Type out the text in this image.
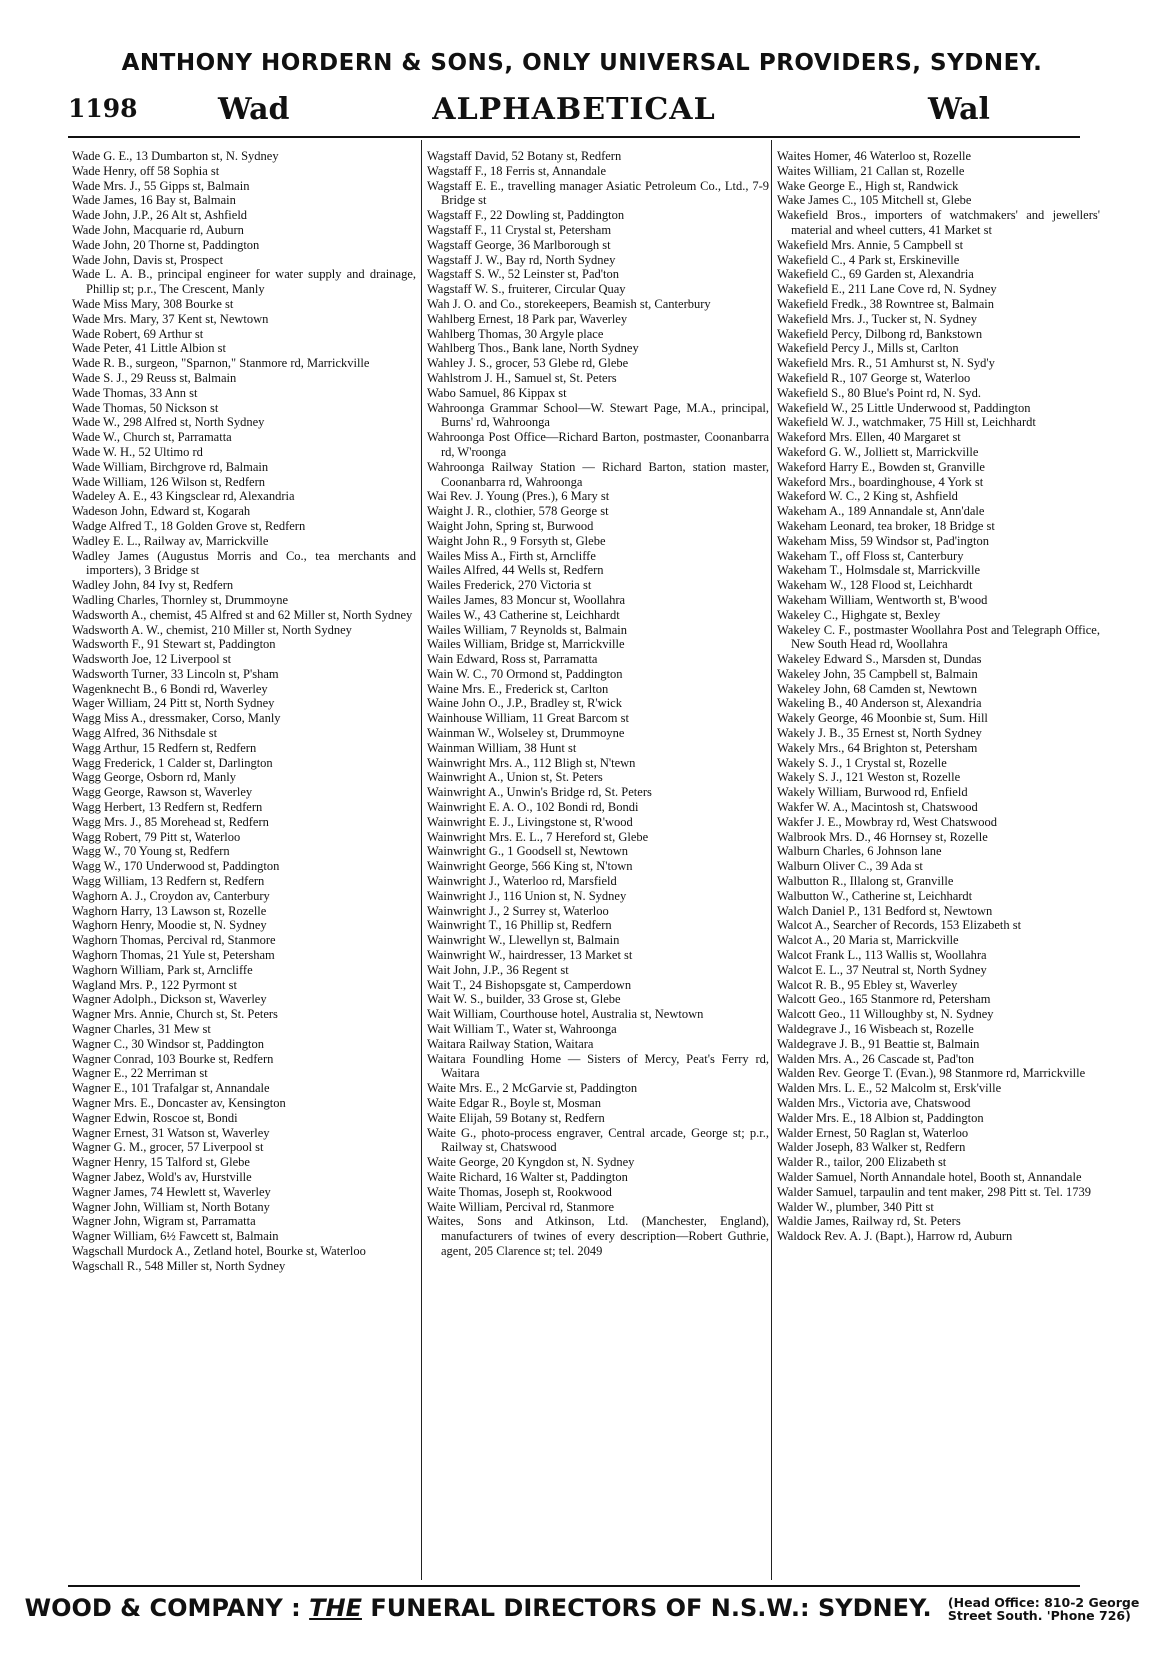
ANTHONY HORDERN & SONS, ONLY UNIVERSAL PROVIDERS, SYDNEY.
1198	Wad	ALPHABETICAL	Wal

Wade G. E., 13 Dumbarton st, N. Sydney

Wade Henry, off 58 Sophia st

Wade Mrs. J., 55 Gipps st, Balmain

Wade James, 16 Bay st, Balmain

Wade John, J.P., 26 Alt st, Ashfield

Wade John, Macquarie rd, Auburn

Wade John, 20 Thorne st, Paddington

Wade John, Davis st, Prospect

Wade L. A. B., principal engineer for water supply and drainage, Phillip st; p.r., The Crescent, Manly

Wade Miss Mary, 308 Bourke st

Wade Mrs. Mary, 37 Kent st, Newtown

Wade Robert, 69 Arthur st

Wade Peter, 41 Little Albion st

Wade R. B., surgeon, "Sparnon," Stanmore rd, Marrickville

Wade S. J., 29 Reuss st, Balmain

Wade Thomas, 33 Ann st

Wade Thomas, 50 Nickson st

Wade W., 298 Alfred st, North Sydney

Wade W., Church st, Parramatta

Wade W. H., 52 Ultimo rd

Wade William, Birchgrove rd, Balmain

Wade William, 126 Wilson st, Redfern

Wadeley A. E., 43 Kingsclear rd, Alexandria

Wadeson John, Edward st, Kogarah

Wadge Alfred T., 18 Golden Grove st, Redfern

Wadley E. L., Railway av, Marrickville

Wadley James (Augustus Morris and Co., tea merchants and importers), 3 Bridge st

Wadley John, 84 Ivy st, Redfern

Wadling Charles, Thornley st, Drummoyne

Wadsworth A., chemist, 45 Alfred st and 62 Miller st, North Sydney

Wadsworth A. W., chemist, 210 Miller st, North Sydney

Wadsworth F., 91 Stewart st, Paddington

Wadsworth Joe, 12 Liverpool st

Wadsworth Turner, 33 Lincoln st, P'sham

Wagenknecht B., 6 Bondi rd, Waverley

Wager William, 24 Pitt st, North Sydney

Wagg Miss A., dressmaker, Corso, Manly

Wagg Alfred, 36 Nithsdale st

Wagg Arthur, 15 Redfern st, Redfern

Wagg Frederick, 1 Calder st, Darlington

Wagg George, Osborn rd, Manly

Wagg George, Rawson st, Waverley

Wagg Herbert, 13 Redfern st, Redfern

Wagg Mrs. J., 85 Morehead st, Redfern

Wagg Robert, 79 Pitt st, Waterloo

Wagg W., 70 Young st, Redfern

Wagg W., 170 Underwood st, Paddington

Wagg William, 13 Redfern st, Redfern

Waghorn A. J., Croydon av, Canterbury

Waghorn Harry, 13 Lawson st, Rozelle

Waghorn Henry, Moodie st, N. Sydney

Waghorn Thomas, Percival rd, Stanmore

Waghorn Thomas, 21 Yule st, Petersham

Waghorn William, Park st, Arncliffe

Wagland Mrs. P., 122 Pyrmont st

Wagner Adolph., Dickson st, Waverley

Wagner Mrs. Annie, Church st, St. Peters

Wagner Charles, 31 Mew st

Wagner C., 30 Windsor st, Paddington

Wagner Conrad, 103 Bourke st, Redfern

Wagner E., 22 Merriman st

Wagner E., 101 Trafalgar st, Annandale

Wagner Mrs. E., Doncaster av, Kensington

Wagner Edwin, Roscoe st, Bondi

Wagner Ernest, 31 Watson st, Waverley

Wagner G. M., grocer, 57 Liverpool st

Wagner Henry, 15 Talford st, Glebe

Wagner Jabez, Wold's av, Hurstville

Wagner James, 74 Hewlett st, Waverley

Wagner John, William st, North Botany

Wagner John, Wigram st, Parramatta

Wagner William, 6½ Fawcett st, Balmain

Wagschall Murdock A., Zetland hotel, Bourke st, Waterloo

Wagschall R., 548 Miller st, North Sydney

Wagstaff David, 52 Botany st, Redfern

Wagstaff F., 18 Ferris st, Annandale

Wagstaff E. E., travelling manager Asiatic Petroleum Co., Ltd., 7-9 Bridge st

Wagstaff F., 22 Dowling st, Paddington

Wagstaff F., 11 Crystal st, Petersham

Wagstaff George, 36 Marlborough st

Wagstaff J. W., Bay rd, North Sydney

Wagstaff S. W., 52 Leinster st, Pad'ton

Wagstaff W. S., fruiterer, Circular Quay

Wah J. O. and Co., storekeepers, Beamish st, Canterbury

Wahlberg Ernest, 18 Park par, Waverley

Wahlberg Thomas, 30 Argyle place

Wahlberg Thos., Bank lane, North Sydney

Wahley J. S., grocer, 53 Glebe rd, Glebe

Wahlstrom J. H., Samuel st, St. Peters

Wabo Samuel, 86 Kippax st

Wahroonga Grammar School—W. Stewart Page, M.A., principal, Burns' rd, Wahroonga

Wahroonga Post Office—Richard Barton, postmaster, Coonanbarra rd, W'roonga

Wahroonga Railway Station — Richard Barton, station master, Coonanbarra rd, Wahroonga

Wai Rev. J. Young (Pres.), 6 Mary st

Waight J. R., clothier, 578 George st

Waight John, Spring st, Burwood

Waight John R., 9 Forsyth st, Glebe

Wailes Miss A., Firth st, Arncliffe

Wailes Alfred, 44 Wells st, Redfern

Wailes Frederick, 270 Victoria st

Wailes James, 83 Moncur st, Woollahra

Wailes W., 43 Catherine st, Leichhardt

Wailes William, 7 Reynolds st, Balmain

Wailes William, Bridge st, Marrickville

Wain Edward, Ross st, Parramatta

Wain W. C., 70 Ormond st, Paddington

Waine Mrs. E., Frederick st, Carlton

Waine John O., J.P., Bradley st, R'wick

Wainhouse William, 11 Great Barcom st

Wainman W., Wolseley st, Drummoyne

Wainman William, 38 Hunt st

Wainwright Mrs. A., 112 Bligh st, N'tewn

Wainwright A., Union st, St. Peters

Wainwright A., Unwin's Bridge rd, St. Peters

Wainwright E. A. O., 102 Bondi rd, Bondi

Wainwright E. J., Livingstone st, R'wood

Wainwright Mrs. E. L., 7 Hereford st, Glebe

Wainwright G., 1 Goodsell st, Newtown

Wainwright George, 566 King st, N'town

Wainwright J., Waterloo rd, Marsfield

Wainwright J., 116 Union st, N. Sydney

Wainwright J., 2 Surrey st, Waterloo

Wainwright T., 16 Phillip st, Redfern

Wainwright W., Llewellyn st, Balmain

Wainwright W., hairdresser, 13 Market st

Wait John, J.P., 36 Regent st

Wait T., 24 Bishopsgate st, Camperdown

Wait W. S., builder, 33 Grose st, Glebe

Wait William, Courthouse hotel, Australia st, Newtown

Wait William T., Water st, Wahroonga

Waitara Railway Station, Waitara

Waitara Foundling Home — Sisters of Mercy, Peat's Ferry rd, Waitara

Waite Mrs. E., 2 McGarvie st, Paddington

Waite Edgar R., Boyle st, Mosman

Waite Elijah, 59 Botany st, Redfern

Waite G., photo-process engraver, Central arcade, George st; p.r., Railway st, Chatswood

Waite George, 20 Kyngdon st, N. Sydney

Waite Richard, 16 Walter st, Paddington

Waite Thomas, Joseph st, Rookwood

Waite William, Percival rd, Stanmore

Waites, Sons and Atkinson, Ltd. (Manchester, England), manufacturers of twines of every description—Robert Guthrie, agent, 205 Clarence st; tel. 2049

Waites Homer, 46 Waterloo st, Rozelle

Waites William, 21 Callan st, Rozelle

Wake George E., High st, Randwick

Wake James C., 105 Mitchell st, Glebe

Wakefield Bros., importers of watchmakers' and jewellers' material and wheel cutters, 41 Market st

Wakefield Mrs. Annie, 5 Campbell st

Wakefield C., 4 Park st, Erskineville

Wakefield C., 69 Garden st, Alexandria

Wakefield E., 211 Lane Cove rd, N. Sydney

Wakefield Fredk., 38 Rowntree st, Balmain

Wakefield Mrs. J., Tucker st, N. Sydney

Wakefield Percy, Dilbong rd, Bankstown

Wakefield Percy J., Mills st, Carlton

Wakefield Mrs. R., 51 Amhurst st, N. Syd'y

Wakefield R., 107 George st, Waterloo

Wakefield S., 80 Blue's Point rd, N. Syd.

Wakefield W., 25 Little Underwood st, Paddington

Wakefield W. J., watchmaker, 75 Hill st, Leichhardt

Wakeford Mrs. Ellen, 40 Margaret st

Wakeford G. W., Jolliett st, Marrickville

Wakeford Harry E., Bowden st, Granville

Wakeford Mrs., boardinghouse, 4 York st

Wakeford W. C., 2 King st, Ashfield

Wakeham A., 189 Annandale st, Ann'dale

Wakeham Leonard, tea broker, 18 Bridge st

Wakeham Miss, 59 Windsor st, Pad'ington

Wakeham T., off Floss st, Canterbury

Wakeham T., Holmsdale st, Marrickville

Wakeham W., 128 Flood st, Leichhardt

Wakeham William, Wentworth st, B'wood

Wakeley C., Highgate st, Bexley

Wakeley C. F., postmaster Woollahra Post and Telegraph Office, New South Head rd, Woollahra

Wakeley Edward S., Marsden st, Dundas

Wakeley John, 35 Campbell st, Balmain

Wakeley John, 68 Camden st, Newtown

Wakeling B., 40 Anderson st, Alexandria

Wakely George, 46 Moonbie st, Sum. Hill

Wakely J. B., 35 Ernest st, North Sydney

Wakely Mrs., 64 Brighton st, Petersham

Wakely S. J., 1 Crystal st, Rozelle

Wakely S. J., 121 Weston st, Rozelle

Wakely William, Burwood rd, Enfield

Wakfer W. A., Macintosh st, Chatswood

Wakfer J. E., Mowbray rd, West Chatswood

Walbrook Mrs. D., 46 Hornsey st, Rozelle

Walburn Charles, 6 Johnson lane

Walburn Oliver C., 39 Ada st

Walbutton R., Illalong st, Granville

Walbutton W., Catherine st, Leichhardt

Walch Daniel P., 131 Bedford st, Newtown

Walcot A., Searcher of Records, 153 Elizabeth st

Walcot A., 20 Maria st, Marrickville

Walcot Frank L., 113 Wallis st, Woollahra

Walcot E. L., 37 Neutral st, North Sydney

Walcot R. B., 95 Ebley st, Waverley

Walcott Geo., 165 Stanmore rd, Petersham

Walcott Geo., 11 Willoughby st, N. Sydney

Waldegrave J., 16 Wisbeach st, Rozelle

Waldegrave J. B., 91 Beattie st, Balmain

Walden Mrs. A., 26 Cascade st, Pad'ton

Walden Rev. George T. (Evan.), 98 Stanmore rd, Marrickville

Walden Mrs. L. E., 52 Malcolm st, Ersk'ville

Walden Mrs., Victoria ave, Chatswood

Walder Mrs. E., 18 Albion st, Paddington

Walder Ernest, 50 Raglan st, Waterloo

Walder Joseph, 83 Walker st, Redfern

Walder R., tailor, 200 Elizabeth st

Walder Samuel, North Annandale hotel, Booth st, Annandale

Walder Samuel, tarpaulin and tent maker, 298 Pitt st. Tel. 1739

Walder W., plumber, 340 Pitt st

Waldie James, Railway rd, St. Peters

Waldock Rev. A. J. (Bapt.), Harrow rd, Auburn

WOOD & COMPANY : THE FUNERAL DIRECTORS OF N.S.W.: SYDNEY. (Head Office: 810-2 George
Street South. 'Phone 726)
